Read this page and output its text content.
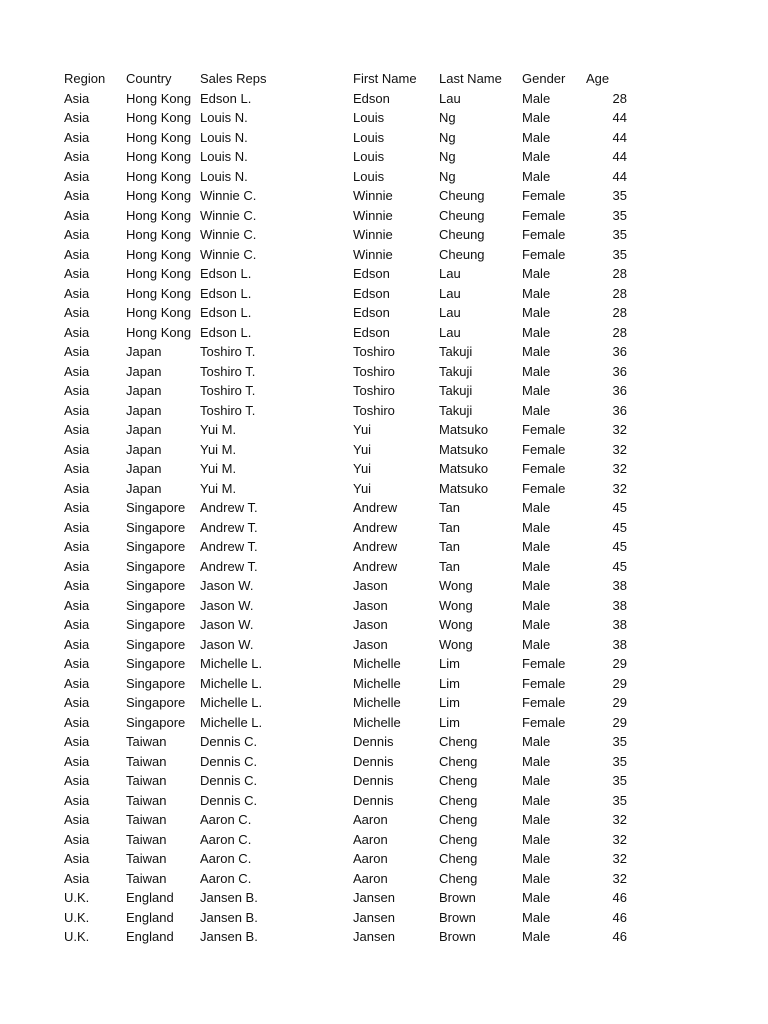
Region	Country	Sales Reps	First Name	Last Name	Gender	Age
Asia	Hong Kong	Edson L.	Edson	Lau	Male	28
Asia	Hong Kong	Louis N.	Louis	Ng	Male	44
Asia	Hong Kong	Louis N.	Louis	Ng	Male	44
Asia	Hong Kong	Louis N.	Louis	Ng	Male	44
Asia	Hong Kong	Louis N.	Louis	Ng	Male	44
Asia	Hong Kong	Winnie C.	Winnie	Cheung	Female	35
Asia	Hong Kong	Winnie C.	Winnie	Cheung	Female	35
Asia	Hong Kong	Winnie C.	Winnie	Cheung	Female	35
Asia	Hong Kong	Winnie C.	Winnie	Cheung	Female	35
Asia	Hong Kong	Edson L.	Edson	Lau	Male	28
Asia	Hong Kong	Edson L.	Edson	Lau	Male	28
Asia	Hong Kong	Edson L.	Edson	Lau	Male	28
Asia	Hong Kong	Edson L.	Edson	Lau	Male	28
Asia	Japan	Toshiro T.	Toshiro	Takuji	Male	36
Asia	Japan	Toshiro T.	Toshiro	Takuji	Male	36
Asia	Japan	Toshiro T.	Toshiro	Takuji	Male	36
Asia	Japan	Toshiro T.	Toshiro	Takuji	Male	36
Asia	Japan	Yui M.	Yui	Matsuko	Female	32
Asia	Japan	Yui M.	Yui	Matsuko	Female	32
Asia	Japan	Yui M.	Yui	Matsuko	Female	32
Asia	Japan	Yui M.	Yui	Matsuko	Female	32
Asia	Singapore	Andrew T.	Andrew	Tan	Male	45
Asia	Singapore	Andrew T.	Andrew	Tan	Male	45
Asia	Singapore	Andrew T.	Andrew	Tan	Male	45
Asia	Singapore	Andrew T.	Andrew	Tan	Male	45
Asia	Singapore	Jason W.	Jason	Wong	Male	38
Asia	Singapore	Jason W.	Jason	Wong	Male	38
Asia	Singapore	Jason W.	Jason	Wong	Male	38
Asia	Singapore	Jason W.	Jason	Wong	Male	38
Asia	Singapore	Michelle L.	Michelle	Lim	Female	29
Asia	Singapore	Michelle L.	Michelle	Lim	Female	29
Asia	Singapore	Michelle L.	Michelle	Lim	Female	29
Asia	Singapore	Michelle L.	Michelle	Lim	Female	29
Asia	Taiwan	Dennis C.	Dennis	Cheng	Male	35
Asia	Taiwan	Dennis C.	Dennis	Cheng	Male	35
Asia	Taiwan	Dennis C.	Dennis	Cheng	Male	35
Asia	Taiwan	Dennis C.	Dennis	Cheng	Male	35
Asia	Taiwan	Aaron C.	Aaron	Cheng	Male	32
Asia	Taiwan	Aaron C.	Aaron	Cheng	Male	32
Asia	Taiwan	Aaron C.	Aaron	Cheng	Male	32
Asia	Taiwan	Aaron C.	Aaron	Cheng	Male	32
U.K.	England	Jansen B.	Jansen	Brown	Male	46
U.K.	England	Jansen B.	Jansen	Brown	Male	46
U.K.	England	Jansen B.	Jansen	Brown	Male	46
